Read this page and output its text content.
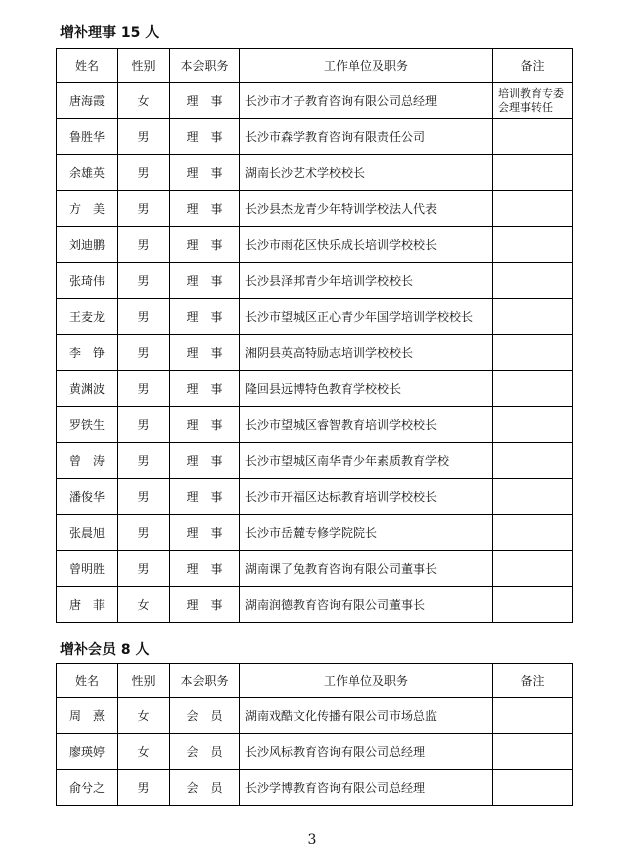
增补理事 15 人
姓名	性别	本会职务	工作单位及职务	备注
唐海霞	女	理　事	长沙市才子教育咨询有限公司总经理	培训教育专委
会理事转任

鲁胜华	男	理　事	长沙市森学教育咨询有限责任公司	
余雄英	男	理　事	湖南长沙艺术学校校长	
方　美	男	理　事	长沙县杰龙青少年特训学校法人代表	
刘迪鹏	男	理　事	长沙市雨花区快乐成长培训学校校长	
张琦伟	男	理　事	长沙县泽邦青少年培训学校校长	
王麦龙	男	理　事	长沙市望城区正心青少年国学培训学校校长	
李　铮	男	理　事	湘阴县英高特励志培训学校校长	
黄渊波	男	理　事	隆回县远博特色教育学校校长	
罗铁生	男	理　事	长沙市望城区睿智教育培训学校校长	
曾　涛	男	理　事	长沙市望城区南华青少年素质教育学校	
潘俊华	男	理　事	长沙市开福区达标教育培训学校校长	
张晨旭	男	理　事	长沙市岳麓专修学院院长	
曾明胜	男	理　事	湖南课了兔教育咨询有限公司董事长	
唐　菲	女	理　事	湖南润德教育咨询有限公司董事长	
增补会员 8 人
姓名	性别	本会职务	工作单位及职务	备注
周　熹	女	会　员	湖南戏酷文化传播有限公司市场总监	
廖瑛婷	女	会　员	长沙风标教育咨询有限公司总经理	
俞兮之	男	会　员	长沙学博教育咨询有限公司总经理	
3
